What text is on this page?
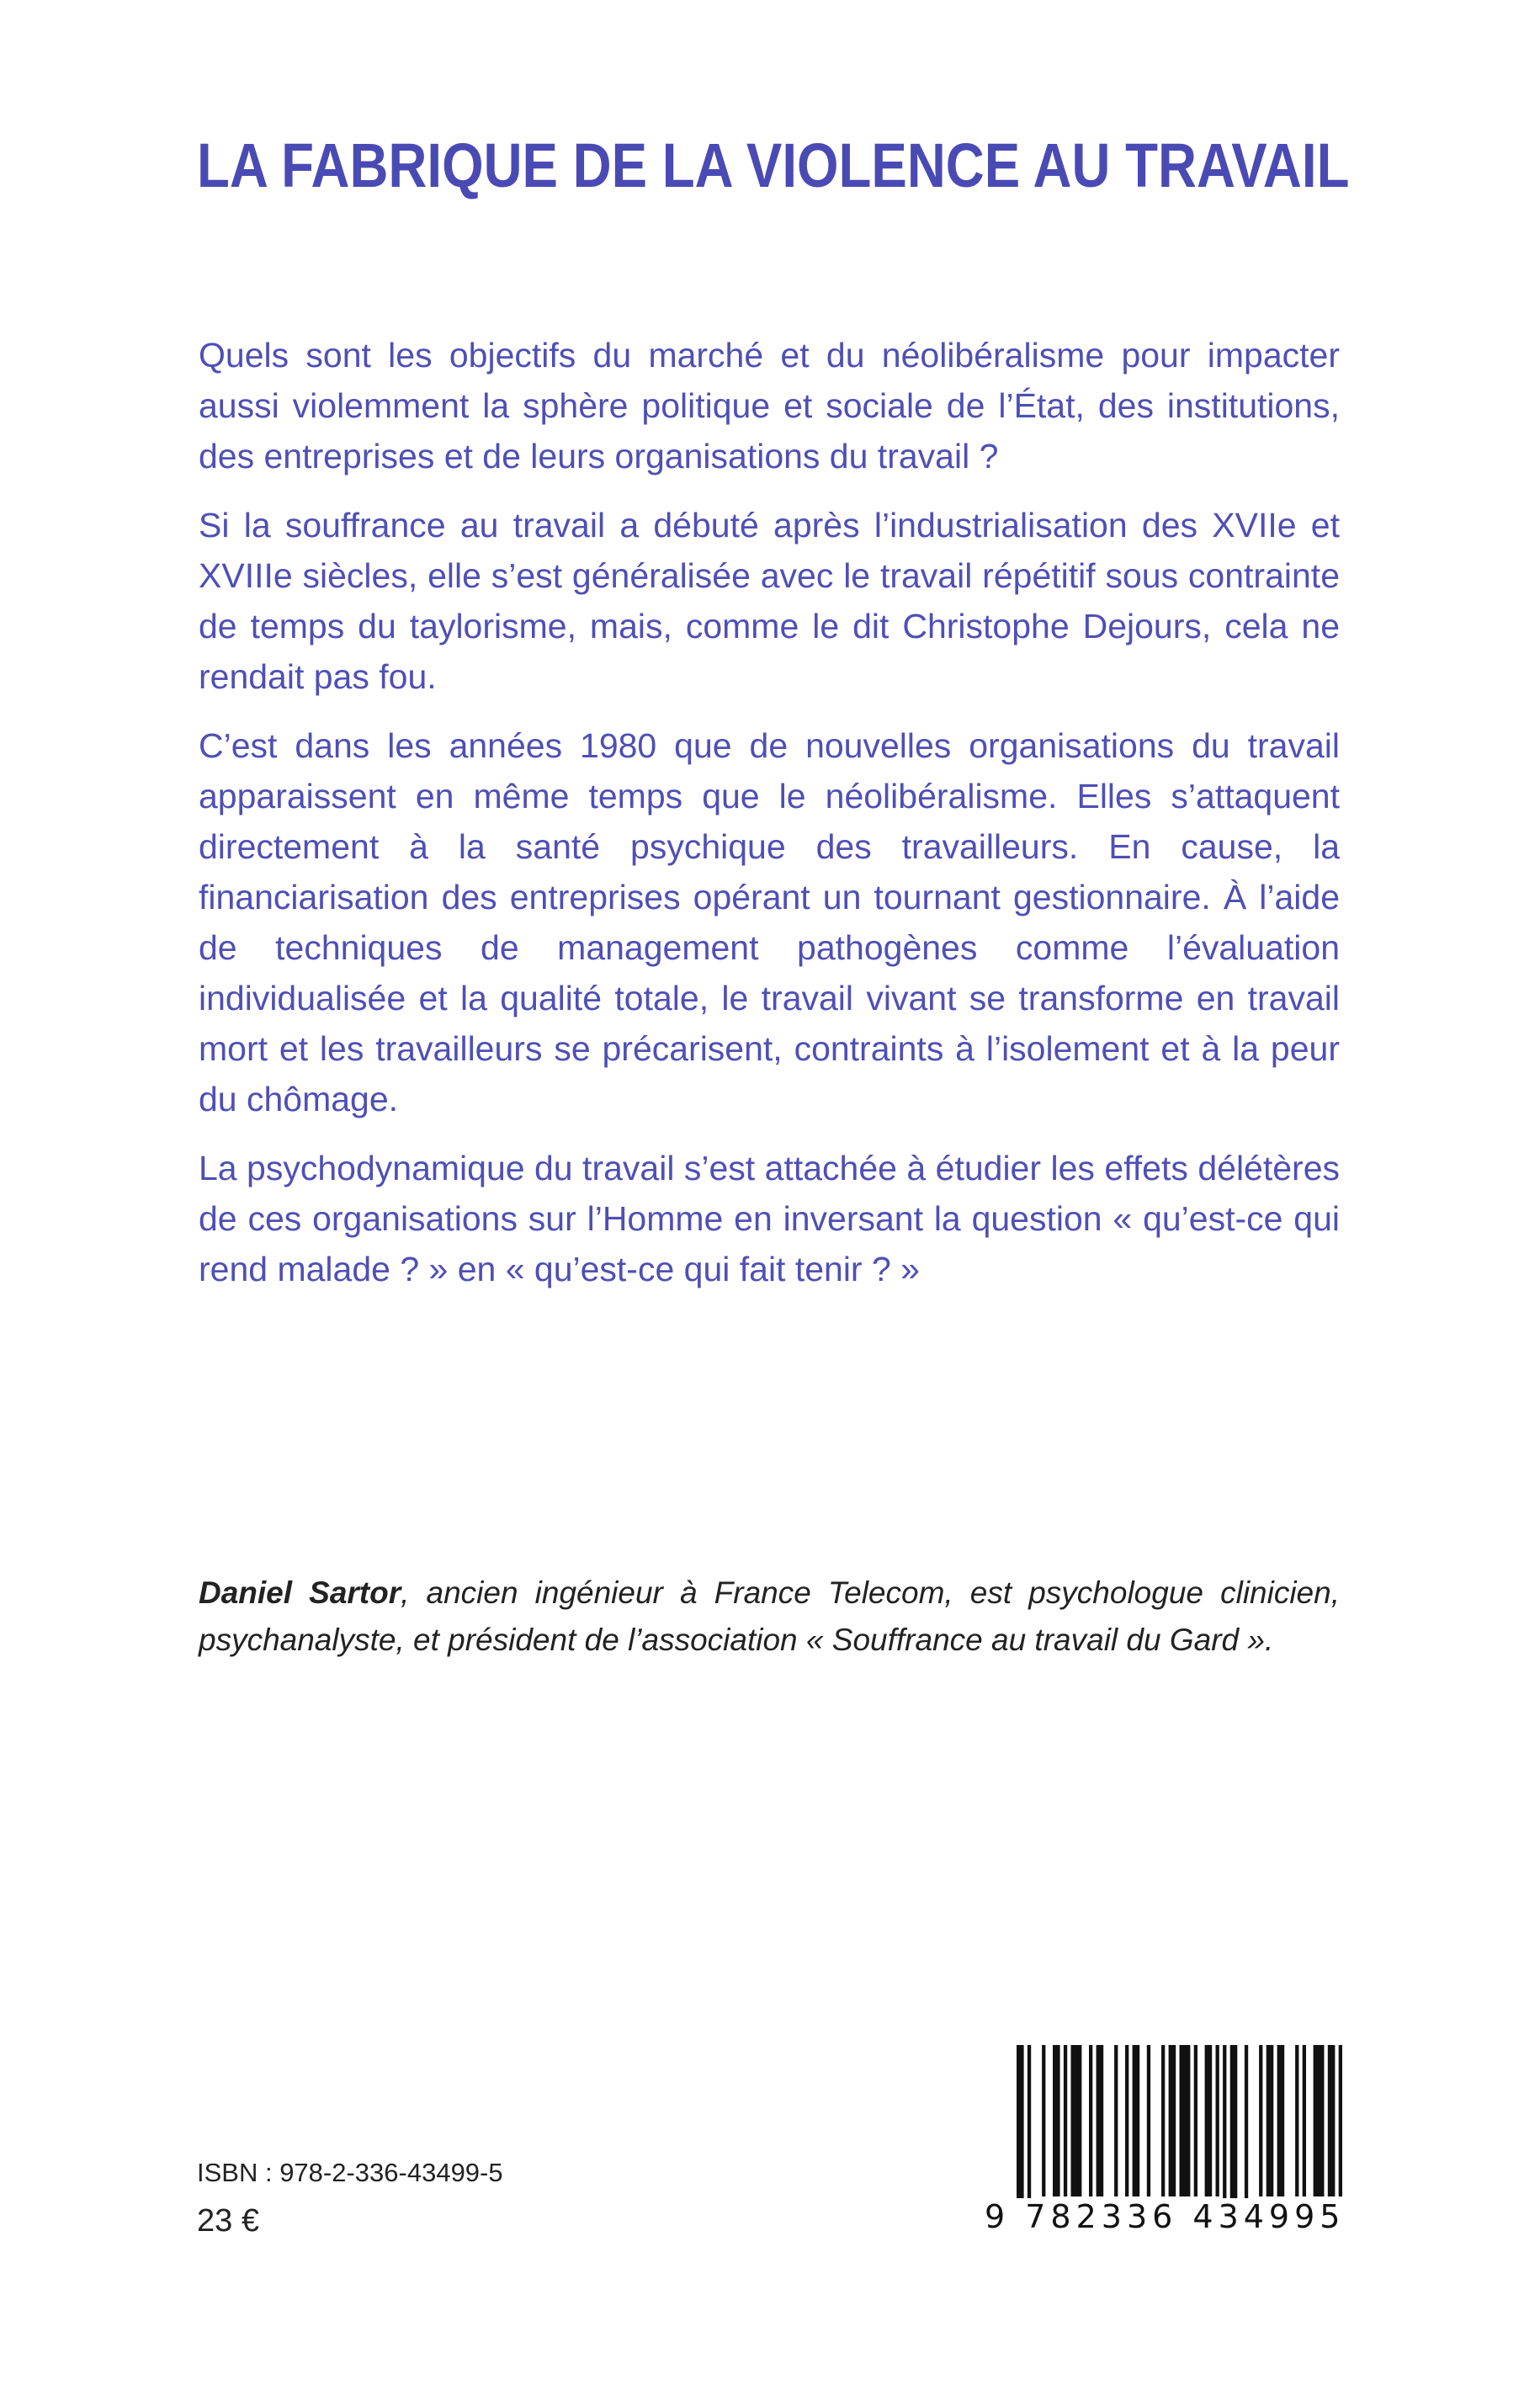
LA FABRIQUE DE LA VIOLENCE AU TRAVAIL

Quels sont les objectifs du marché et du néolibéralisme pour impacter aussi violemment la sphère politique et sociale de l’État, des institutions, des entreprises et de leurs organisations du travail ?

Si la souffrance au travail a débuté après l’industrialisation des XVIIe et XVIIIe siècles, elle s’est généralisée avec le travail répétitif sous contrainte de temps du taylorisme, mais, comme le dit Christophe Dejours, cela ne rendait pas fou.

C’est dans les années 1980 que de nouvelles organisations du travail apparaissent en même temps que le néolibéralisme. Elles s’attaquent directement à la santé psychique des travailleurs. En cause, la financiarisation des entreprises opérant un tournant gestionnaire. À l’aide de techniques de management pathogènes comme l’évaluation individualisée et la qualité totale, le travail vivant se transforme en travail mort et les travailleurs se précarisent, contraints à l’isolement et à la peur du chômage.

La psychodynamique du travail s’est attachée à étudier les effets délétères de ces organisations sur l’Homme en inversant la question « qu’est-ce qui rend malade ? » en « qu’est-ce qui fait tenir ? »

Daniel Sartor, ancien ingénieur à France Telecom, est psychologue clinicien, psychanalyste, et président de l’association « Souffrance au travail du Gard ».

ISBN : 978-2-336-43499-5
23 €	9 782336 434995
